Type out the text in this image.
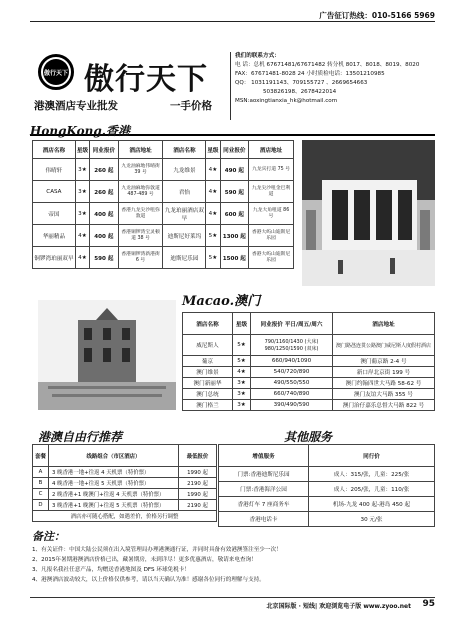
广告征订热线：010-5166 5969
傲行天下 傲行天下
港澳酒店专业批发	一手价格
我们的联系方式：
电 话：总机 67671481/67671482 转分机 8017、8018、8019、8020
FAX：67671481-8028 24 小时质检电话：13501210985
QQ： 1031191143、709155727 、2669654663
503826198、2678422014
MSN:aoxingtianxia_hk@hotmail.com
HongKong.香港
酒店名称	星级	同业报价	酒店地址	酒店名称	星级	同业报价	酒店地址
伟晴轩	3★	260 起	九龙油麻地伟晴街 39 号	九龙维景	4★	490 起	九龙宾打道 75 号
CASA	3★	260 起	九龙油麻地弥敦道 487-489 号	君怡	4★	590 起	九龙尖沙咀金巴利道
帝国	3★	400 起	香港九龙尖沙咀弥敦道	九龙珀丽酒店双早	4★	600 起	九龙大角咀道 86 号
华丽精品	4★	400 起	香港铜锣湾宝灵顿道 38 号	迪斯尼好莱坞	5★	1300 起	香港大屿山迪斯尼乐园
铜锣湾珀丽双早	4★	590 起	香港铜锣湾新港街 6 号	迪斯尼乐园	5★	1500 起	香港大屿山迪斯尼乐园
Macao.澳门
酒店名称	星级	同业报价 平日/周五/周六	酒店地址
威尼斯人	5★	790/1160/1430 (大床) 980/1250/1590 (双床)	澳门路氹连贯公路澳门威尼斯人度假村酒店
葡京	5★	660/940/1090	澳门葡京路 2-4 号
澳门维景	4★	540/720/890	新口岸北京街 199 号
澳门新丽华	3★	490/550/550	澳门约翰四世大马路 58-62 号
澳门总统	3★	660/740/890	澳门友谊大马路 355 号
澳门格兰	3★	390/490/590	澳门治仔嘉乐总督大马路 822 号
港澳自由行推荐	其他服务
套餐	线路组合（市区酒店）	最低报价
A	3 晚香港一地+往返 4 天机票（特价票）	1990 起
B	4 晚香港一地+往返 5 天机票（特价票）	2190 起
C	2 晚香港+1 晚澳门+往返 4 天机票（特价票）	1990 起
D	3 晚香港+1 晚澳门+往返 5 天机票（特价票）	2190 起
酒店亦可随心搭配，如遇差价，价格另行调整		
增值服务	同行价
门票:香港迪斯尼乐园	成人：315/张，儿童：225/张
门票:香港海洋公园	成人：205/张，儿童：110/张
香港灯车 7 座商务车	机场-九龙 400 起-港岛 450 起
香港电话卡	30 元/张
备注：
1、有关证件：中国大陆公民须在出入境管理局办理港澳通行证，并同时具备有效港澳签注至少一次！
2、2015年暑期港澳酒店价格已出，藏暑期房，未到详尽！更多优惠酒店，敬请来电查询！
3、凡报名我社任意产品，均赠送香港地图及 DFS 环球免税卡！
4、港澳酒店波动较大，以上价格仅供参考，请以当天确认为准！感谢各位同行的理解与支持。
北京国际版 · 短线| 欢迎浏览电子版 www.zyoo.net 95
